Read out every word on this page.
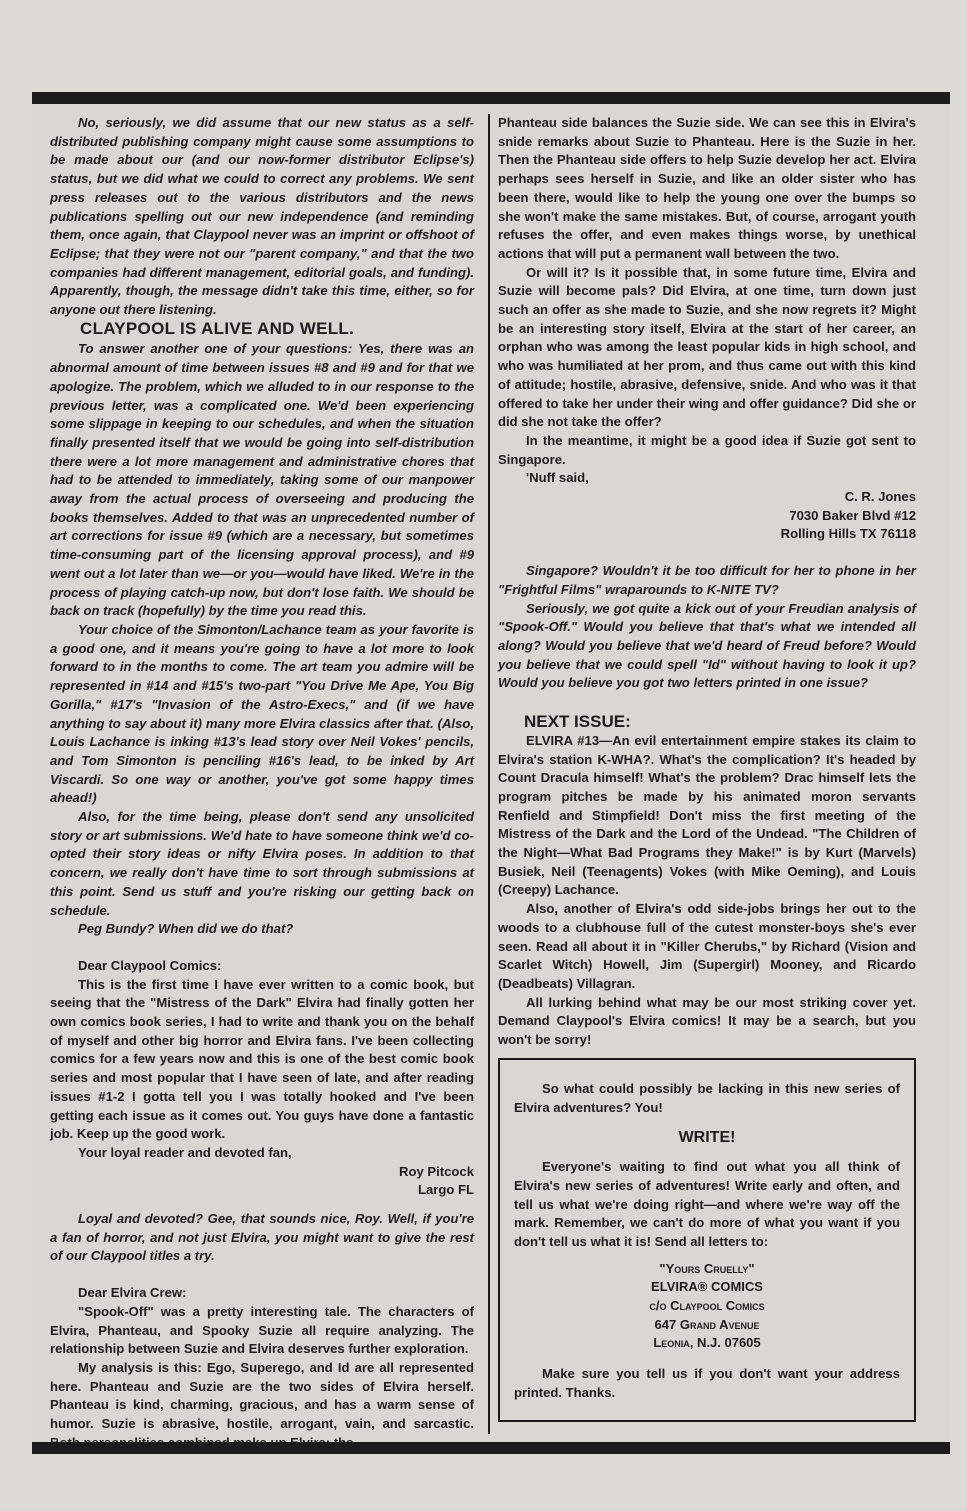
No, seriously, we did assume that our new status as a self-distributed publishing company might cause some assumptions to be made about our (and our now-former distributor Eclipse's) status, but we did what we could to correct any problems. We sent press releases out to the various distributors and the news publications spelling out our new independence (and reminding them, once again, that Claypool never was an imprint or offshoot of Eclipse; that they were not our "parent company," and that the two companies had different management, editorial goals, and funding). Apparently, though, the message didn't take this time, either, so for anyone out there listening.

CLAYPOOL IS ALIVE AND WELL.

To answer another one of your questions: Yes, there was an abnormal amount of time between issues #8 and #9 and for that we apologize. The problem, which we alluded to in our response to the previous letter, was a complicated one. We'd been experiencing some slippage in keeping to our schedules, and when the situation finally presented itself that we would be going into self-distribution there were a lot more management and administrative chores that had to be attended to immediately, taking some of our manpower away from the actual process of overseeing and producing the books themselves. Added to that was an unprecedented number of art corrections for issue #9 (which are a necessary, but sometimes time-consuming part of the licensing approval process), and #9 went out a lot later than we—or you—would have liked. We're in the process of playing catch-up now, but don't lose faith. We should be back on track (hopefully) by the time you read this.

Your choice of the Simonton/Lachance team as your favorite is a good one, and it means you're going to have a lot more to look forward to in the months to come. The art team you admire will be represented in #14 and #15's two-part "You Drive Me Ape, You Big Gorilla," #17's "Invasion of the Astro-Execs," and (if we have anything to say about it) many more Elvira classics after that. (Also, Louis Lachance is inking #13's lead story over Neil Vokes' pencils, and Tom Simonton is penciling #16's lead, to be inked by Art Viscardi. So one way or another, you've got some happy times ahead!)

Also, for the time being, please don't send any unsolicited story or art submissions. We'd hate to have someone think we'd co-opted their story ideas or nifty Elvira poses. In addition to that concern, we really don't have time to sort through submissions at this point. Send us stuff and you're risking our getting back on schedule.

Peg Bundy? When did we do that?

Dear Claypool Comics:

This is the first time I have ever written to a comic book, but seeing that the "Mistress of the Dark" Elvira had finally gotten her own comics book series, I had to write and thank you on the behalf of myself and other big horror and Elvira fans. I've been collecting comics for a few years now and this is one of the best comic book series and most popular that I have seen of late, and after reading issues #1-2 I gotta tell you I was totally hooked and I've been getting each issue as it comes out. You guys have done a fantastic job. Keep up the good work.

Your loyal reader and devoted fan,

Roy Pitcock

Largo FL

Loyal and devoted? Gee, that sounds nice, Roy. Well, if you're a fan of horror, and not just Elvira, you might want to give the rest of our Claypool titles a try.

Dear Elvira Crew:

"Spook-Off" was a pretty interesting tale. The characters of Elvira, Phanteau, and Spooky Suzie all require analyzing. The relationship between Suzie and Elvira deserves further exploration.

My analysis is this: Ego, Superego, and Id are all represented here. Phanteau and Suzie are the two sides of Elvira herself. Phanteau is kind, charming, gracious, and has a warm sense of humor. Suzie is abrasive, hostile, arrogant, vain, and sarcastic. Both personalities combined make up Elvira; the

Phanteau side balances the Suzie side. We can see this in Elvira's snide remarks about Suzie to Phanteau. Here is the Suzie in her. Then the Phanteau side offers to help Suzie develop her act. Elvira perhaps sees herself in Suzie, and like an older sister who has been there, would like to help the young one over the bumps so she won't make the same mistakes. But, of course, arrogant youth refuses the offer, and even makes things worse, by unethical actions that will put a permanent wall between the two.

Or will it? Is it possible that, in some future time, Elvira and Suzie will become pals? Did Elvira, at one time, turn down just such an offer as she made to Suzie, and she now regrets it? Might be an interesting story itself, Elvira at the start of her career, an orphan who was among the least popular kids in high school, and who was humiliated at her prom, and thus came out with this kind of attitude; hostile, abrasive, defensive, snide. And who was it that offered to take her under their wing and offer guidance? Did she or did she not take the offer?

In the meantime, it might be a good idea if Suzie got sent to Singapore.

'Nuff said,

C. R. Jones

7030 Baker Blvd #12

Rolling Hills TX 76118

Singapore? Wouldn't it be too difficult for her to phone in her "Frightful Films" wraparounds to K-NITE TV?

Seriously, we got quite a kick out of your Freudian analysis of "Spook-Off." Would you believe that that's what we intended all along? Would you believe that we'd heard of Freud before? Would you believe that we could spell "Id" without having to look it up? Would you believe you got two letters printed in one issue?

NEXT ISSUE:

ELVIRA #13—An evil entertainment empire stakes its claim to Elvira's station K-WHA?. What's the complication? It's headed by Count Dracula himself! What's the problem? Drac himself lets the program pitches be made by his animated moron servants Renfield and Stimpfield! Don't miss the first meeting of the Mistress of the Dark and the Lord of the Undead. "The Children of the Night—What Bad Programs they Make!" is by Kurt (Marvels) Busiek, Neil (Teenagents) Vokes (with Mike Oeming), and Louis (Creepy) Lachance.

Also, another of Elvira's odd side-jobs brings her out to the woods to a clubhouse full of the cutest monster-boys she's ever seen. Read all about it in "Killer Cherubs," by Richard (Vision and Scarlet Witch) Howell, Jim (Supergirl) Mooney, and Ricardo (Deadbeats) Villagran.

All lurking behind what may be our most striking cover yet. Demand Claypool's Elvira comics! It may be a search, but you won't be sorry!

So what could possibly be lacking in this new series of Elvira adventures? You!

WRITE!

Everyone's waiting to find out what you all think of Elvira's new series of adventures! Write early and often, and tell us what we're doing right—and where we're way off the mark. Remember, we can't do more of what you want if you don't tell us what it is! Send all letters to:

"Yours Cruelly"
ELVIRA® COMICS
c/o Claypool Comics
647 Grand Avenue
Leonia, N.J. 07605

Make sure you tell us if you don't want your address printed. Thanks.
